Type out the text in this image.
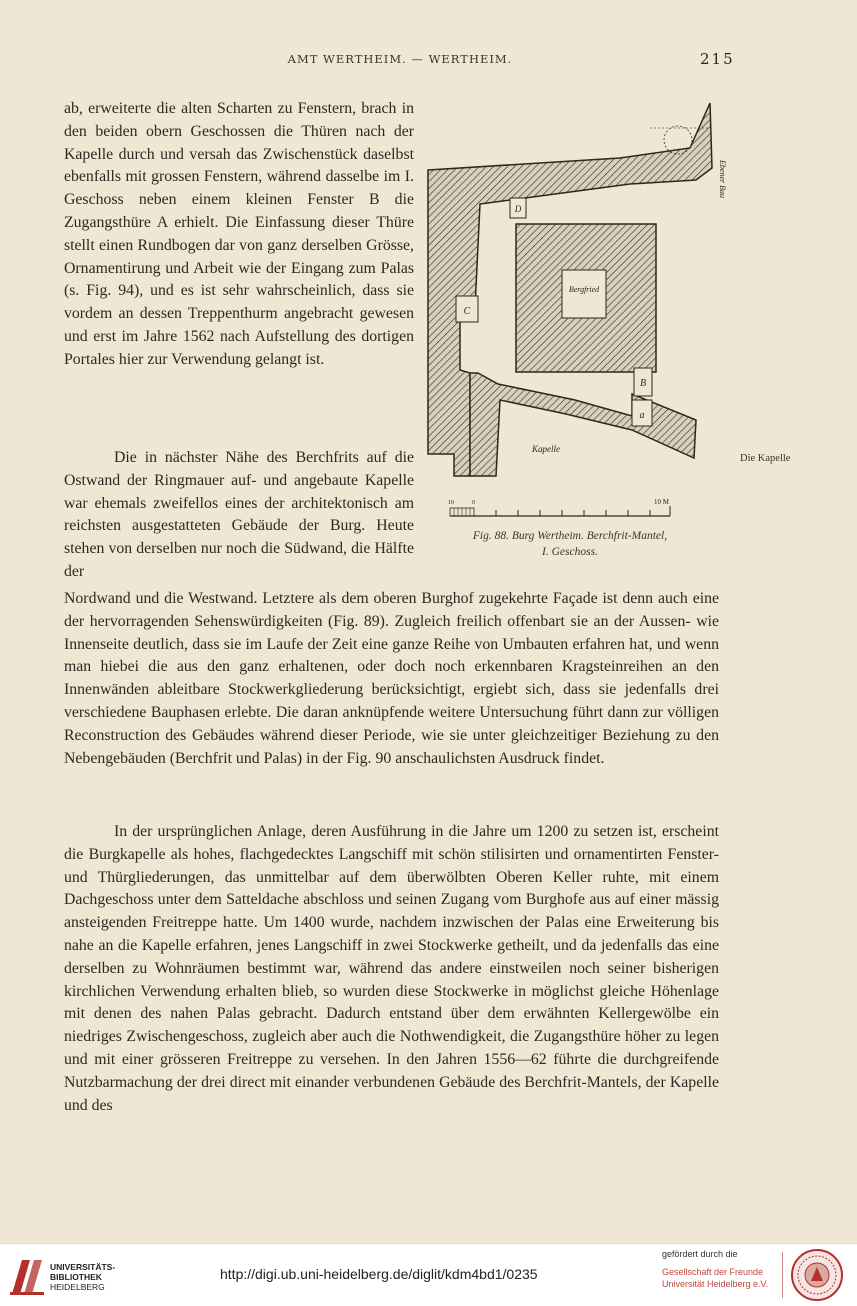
AMT WERTHEIM. — WERTHEIM.	215

ab, erweiterte die alten Scharten zu Fenstern, brach in den beiden obern Geschossen die Thüren nach der Kapelle durch und versah das Zwischenstück daselbst ebenfalls mit grossen Fenstern, während dasselbe im I. Geschoss neben einem kleinen Fenster B die Zugangsthüre A erhielt. Die Einfassung dieser Thüre stellt einen Rundbogen dar von ganz derselben Grösse, Ornamentirung und Arbeit wie der Eingang zum Palas (s. Fig. 94), und es ist sehr wahrscheinlich, dass sie vordem an dessen Treppenthurm angebracht gewesen und erst im Jahre 1562 nach Aufstellung des dortigen Portales hier zur Verwendung gelangt ist.

Die in nächster Nähe des Berchfrits auf die Ostwand der Ringmauer auf- und angebaute Kapelle war ehemals zweifellos eines der architektonisch am reichsten ausgestatteten Gebäude der Burg. Heute stehen von derselben nur noch die Südwand, die Hälfte der

Nordwand und die Westwand. Letztere als dem oberen Burghof zugekehrte Façade ist denn auch eine der hervorragenden Sehenswürdigkeiten (Fig. 89). Zugleich freilich offenbart sie an der Aussen- wie Innenseite deutlich, dass sie im Laufe der Zeit eine ganze Reihe von Umbauten erfahren hat, und wenn man hiebei die aus den ganz erhaltenen, oder doch noch erkennbaren Kragsteinreihen an den Innenwänden ableitbare Stockwerkgliederung berücksichtigt, ergiebt sich, dass sie jedenfalls drei verschiedene Bauphasen erlebte. Die daran anknüpfende weitere Untersuchung führt dann zur völligen Reconstruction des Gebäudes während dieser Periode, wie sie unter gleichzeitiger Beziehung zu den Nebengebäuden (Berchfrit und Palas) in der Fig. 90 anschaulichsten Ausdruck findet.

In der ursprünglichen Anlage, deren Ausführung in die Jahre um 1200 zu setzen ist, erscheint die Burgkapelle als hohes, flachgedecktes Langschiff mit schön stilisirten und ornamentirten Fenster- und Thürgliederungen, das unmittelbar auf dem überwölbten Oberen Keller ruhte, mit einem Dachgeschoss unter dem Satteldache abschloss und seinen Zugang vom Burghofe aus auf einer mässig ansteigenden Freitreppe hatte. Um 1400 wurde, nachdem inzwischen der Palas eine Erweiterung bis nahe an die Kapelle erfahren, jenes Langschiff in zwei Stockwerke getheilt, und da jedenfalls das eine derselben zu Wohnräumen bestimmt war, während das andere einstweilen noch seiner bisherigen kirchlichen Verwendung erhalten blieb, so wurden diese Stockwerke in möglichst gleiche Höhenlage mit denen des nahen Palas gebracht. Dadurch entstand über dem erwähnten Kellergewölbe ein niedriges Zwischengeschoss, zugleich aber auch die Nothwendigkeit, die Zugangsthüre höher zu legen und mit einer grösseren Freitreppe zu versehen. In den Jahren 1556—62 führte die durchgreifende Nutzbarmachung der drei direct mit einander verbundenen Gebäude des Berchfrit-Mantels, der Kapelle und des

Die Kapelle
Bergfried
C
B
a
D
Kapelle
Ebener Bau
10	0	10 M
Fig. 88. Burg Wertheim. Berchfrit-Mantel,
I. Geschoss.
UNIVERSITÄTS-
BIBLIOTHEK
HEIDELBERG
http://digi.ub.uni-heidelberg.de/diglit/kdm4bd1/0235
gefördert durch die
Gesellschaft der Freunde
Universität Heidelberg e.V.
